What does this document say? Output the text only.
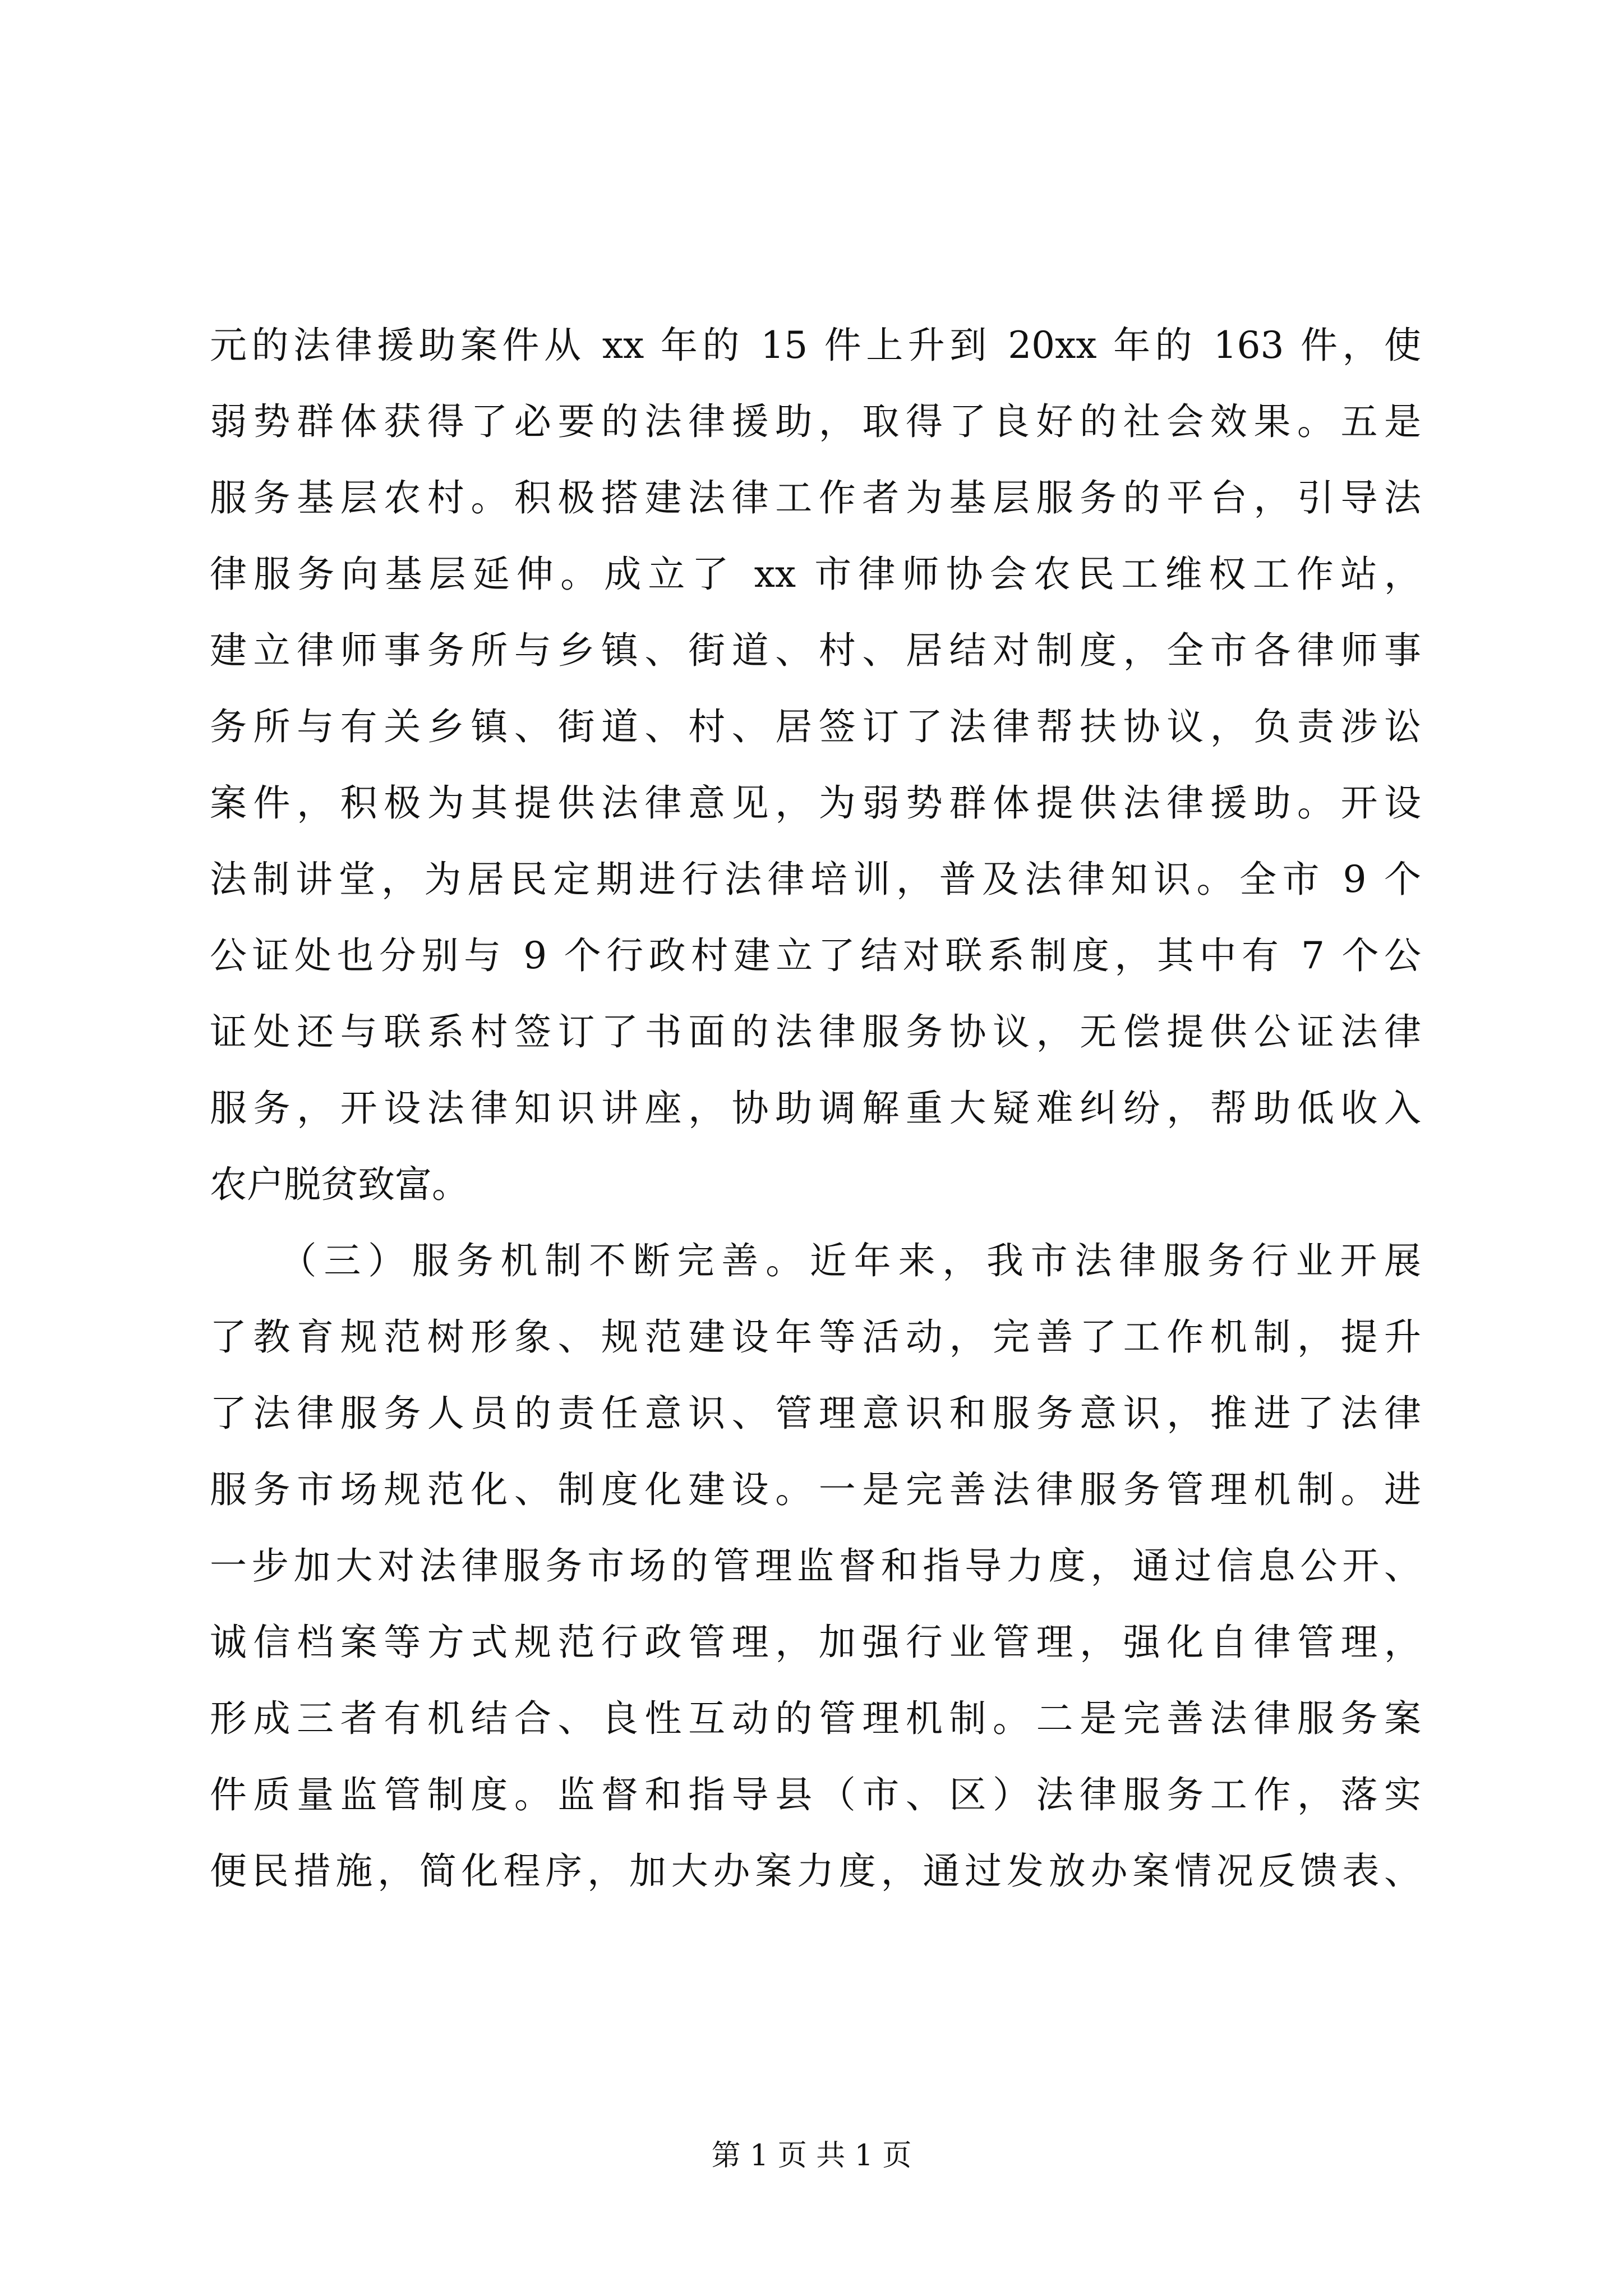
元的法律援助案件从 xx 年的 15 件上升到 20xx 年的 163 件，使
弱势群体获得了必要的法律援助，取得了良好的社会效果。五是
服务基层农村。积极搭建法律工作者为基层服务的平台，引导法
律服务向基层延伸。成立了 xx 市律师协会农民工维权工作站，
建立律师事务所与乡镇、街道、村、居结对制度，全市各律师事
务所与有关乡镇、街道、村、居签订了法律帮扶协议，负责涉讼
案件，积极为其提供法律意见，为弱势群体提供法律援助。开设
法制讲堂，为居民定期进行法律培训，普及法律知识。全市 9 个
公证处也分别与 9 个行政村建立了结对联系制度，其中有 7 个公
证处还与联系村签订了书面的法律服务协议，无偿提供公证法律
服务，开设法律知识讲座，协助调解重大疑难纠纷，帮助低收入
农户脱贫致富。
　　（三）服务机制不断完善。近年来，我市法律服务行业开展
了教育规范树形象、规范建设年等活动，完善了工作机制，提升
了法律服务人员的责任意识、管理意识和服务意识，推进了法律
服务市场规范化、制度化建设。一是完善法律服务管理机制。进
一步加大对法律服务市场的管理监督和指导力度，通过信息公开、
诚信档案等方式规范行政管理，加强行业管理，强化自律管理，
形成三者有机结合、良性互动的管理机制。二是完善法律服务案
件质量监管制度。监督和指导县（市、区）法律服务工作，落实
便民措施，简化程序，加大办案力度，通过发放办案情况反馈表、
第 1 页 共 1 页
